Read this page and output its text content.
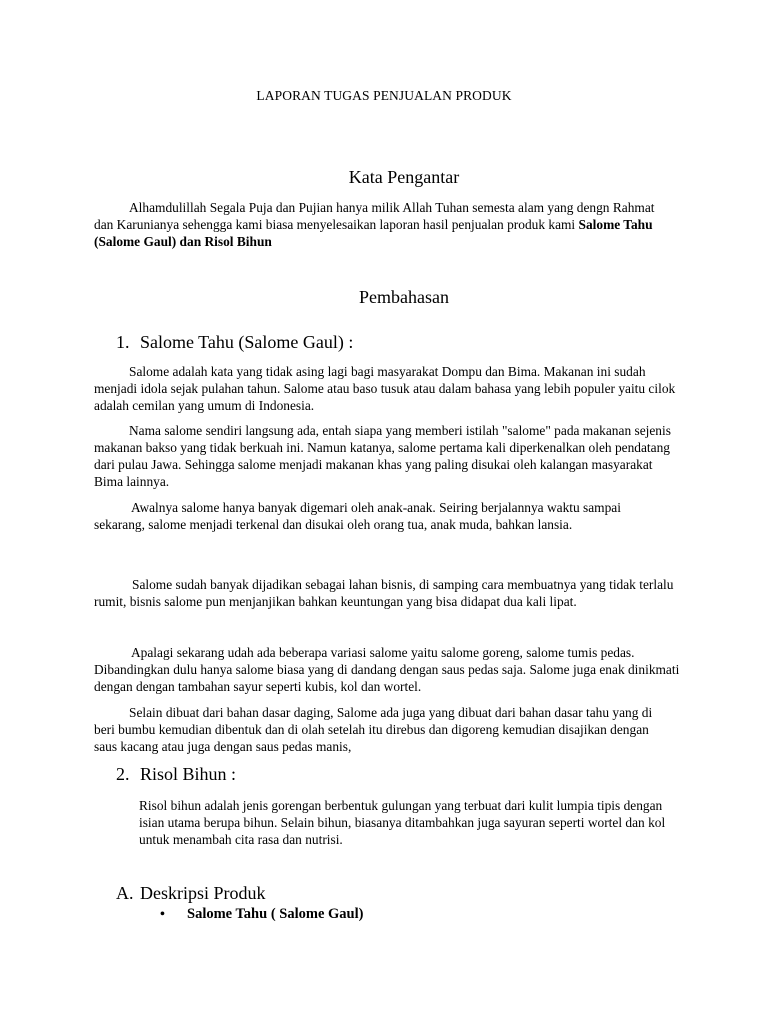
LAPORAN TUGAS PENJUALAN PRODUK
Kata Pengantar

Alhamdulillah Segala Puja dan Pujian hanya milik Allah Tuhan semesta alam yang dengn Rahmat dan Karunianya sehengga kami biasa menyelesaikan laporan hasil penjualan produk kami Salome Tahu (Salome Gaul) dan Risol Bihun

Pembahasan
1. Salome Tahu (Salome Gaul) :

Salome adalah kata yang tidak asing lagi bagi masyarakat Dompu dan Bima. Makanan ini sudah menjadi idola sejak pulahan tahun. Salome atau baso tusuk atau dalam bahasa yang lebih populer yaitu cilok adalah cemilan yang umum di Indonesia.

Nama salome sendiri langsung ada, entah siapa yang memberi istilah "salome" pada makanan sejenis makanan bakso yang tidak berkuah ini. Namun katanya, salome pertama kali diperkenalkan oleh pendatang dari pulau Jawa. Sehingga salome menjadi makanan khas yang paling disukai oleh kalangan masyarakat Bima lainnya.

Awalnya salome hanya banyak digemari oleh anak-anak. Seiring berjalannya waktu sampai sekarang, salome menjadi terkenal dan disukai oleh orang tua, anak muda, bahkan lansia.

Salome sudah banyak dijadikan sebagai lahan bisnis, di samping cara membuatnya yang tidak terlalu rumit, bisnis salome pun menjanjikan bahkan keuntungan yang bisa didapat dua kali lipat.

Apalagi sekarang udah ada beberapa variasi salome yaitu salome goreng, salome tumis pedas. Dibandingkan dulu hanya salome biasa yang di dandang dengan saus pedas saja. Salome juga enak dinikmati dengan dengan tambahan sayur seperti kubis, kol dan wortel.

Selain dibuat dari bahan dasar daging, Salome ada juga yang dibuat dari bahan dasar tahu yang di beri bumbu kemudian dibentuk dan di olah setelah itu direbus dan digoreng kemudian disajikan dengan saus kacang atau juga dengan saus pedas manis,

2. Risol Bihun :

Risol bihun adalah jenis gorengan berbentuk gulungan yang terbuat dari kulit lumpia tipis dengan isian utama berupa bihun. Selain bihun, biasanya ditambahkan juga sayuran seperti wortel dan kol untuk menambah cita rasa dan nutrisi.

A. Deskripsi Produk
•	Salome Tahu ( Salome Gaul)
